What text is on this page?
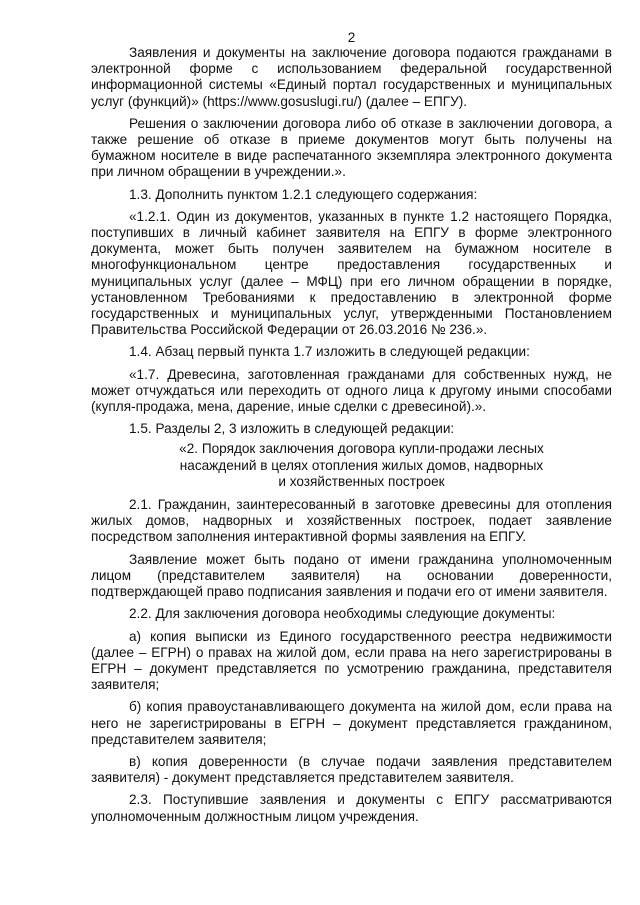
2

Заявления и документы на заключение договора подаются гражданами в электронной форме с использованием федеральной государственной информационной системы «Единый портал государственных и муниципальных услуг (функций)» (https://www.gosuslugi.ru/) (далее – ЕПГУ).

Решения о заключении договора либо об отказе в заключении договора, а также решение об отказе в приеме документов могут быть получены на бумажном носителе в виде распечатанного экземпляра электронного документа при личном обращении в учреждении.».

1.3. Дополнить пунктом 1.2.1 следующего содержания:

«1.2.1. Один из документов, указанных в пункте 1.2 настоящего Порядка, поступивших в личный кабинет заявителя на ЕПГУ в форме электронного документа, может быть получен заявителем на бумажном носителе в многофункциональном центре предоставления государственных и муниципальных услуг (далее – МФЦ) при его личном обращении в порядке, установленном Требованиями к предоставлению в электронной форме государственных и муниципальных услуг, утвержденными Постановлением Правительства Российской Федерации от 26.03.2016 № 236.».

1.4. Абзац первый пункта 1.7 изложить в следующей редакции:

«1.7. Древесина, заготовленная гражданами для собственных нужд, не может отчуждаться или переходить от одного лица к другому иными способами (купля-продажа, мена, дарение, иные сделки с древесиной).».

1.5. Разделы 2, 3 изложить в следующей редакции:

«2. Порядок заключения договора купли-продажи лесных
насаждений в целях отопления жилых домов, надворных
и хозяйственных построек

2.1. Гражданин, заинтересованный в заготовке древесины для отопления жилых домов, надворных и хозяйственных построек, подает заявление посредством заполнения интерактивной формы заявления на ЕПГУ.

Заявление может быть подано от имени гражданина уполномоченным лицом (представителем заявителя) на основании доверенности, подтверждающей право подписания заявления и подачи его от имени заявителя.

2.2. Для заключения договора необходимы следующие документы:

а) копия выписки из Единого государственного реестра недвижимости (далее – ЕГРН) о правах на жилой дом, если права на него зарегистрированы в ЕГРН – документ представляется по усмотрению гражданина, представителя заявителя;

б) копия правоустанавливающего документа на жилой дом, если права на него не зарегистрированы в ЕГРН – документ представляется гражданином, представителем заявителя;

в) копия доверенности (в случае подачи заявления представителем заявителя) - документ представляется представителем заявителя.

2.3. Поступившие заявления и документы с ЕПГУ рассматриваются уполномоченным должностным лицом учреждения.
